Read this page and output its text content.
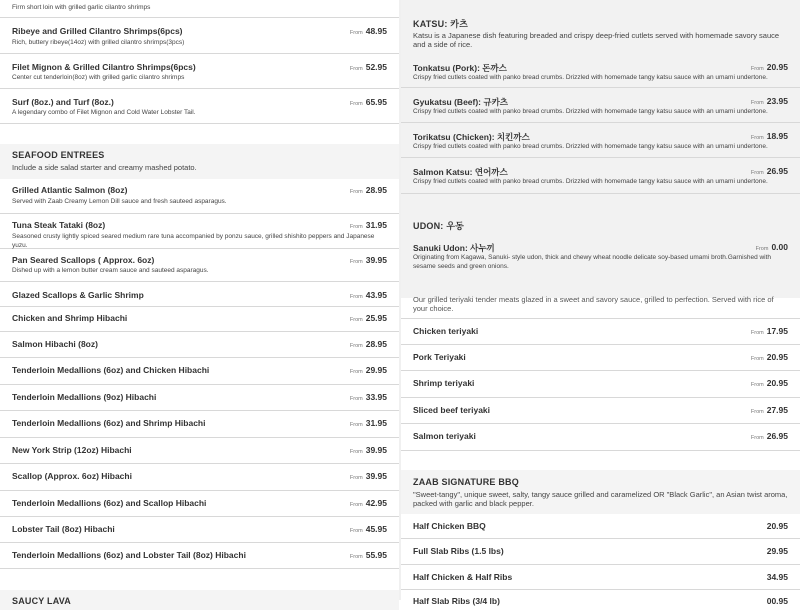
Firm short loin with grilled garlic cilantro shrimps
Ribeye and Grilled Cilantro Shrimps(6pcs)	From 48.95
Rich, buttery ribeye(14oz) with grilled cilantro shrimps(3pcs)
Filet Mignon & Grilled Cilantro Shrimps(6pcs)	From 52.95
Center cut tenderloin(8oz) with grilled garlic cilantro shrimps
Surf (8oz.) and Turf (8oz.)	From 65.95
A legendary combo of Filet Mignon and Cold Water Lobster Tail.
SEAFOOD ENTREES
Include a side salad starter and creamy mashed potato.
Grilled Atlantic Salmon (8oz)	From 28.95
Served with Zaab Creamy Lemon Dill sauce and fresh sauteed asparagus.
Tuna Steak Tataki (8oz)	From 31.95
Seasoned crusty lightly spiced seared medium rare tuna accompanied by ponzu sauce, grilled shishito peppers and Japanese yuzu.
Pan Seared Scallops ( Approx. 6oz)	From 39.95
Dished up with a lemon butter cream sauce and sauteed asparagus.
Glazed Scallops & Garlic Shrimp	From 43.95
Chicken and Shrimp Hibachi	From 25.95
Salmon Hibachi (8oz)	From 28.95
Tenderloin Medallions (6oz) and Chicken Hibachi	From 29.95
Tenderloin Medallions (9oz) Hibachi	From 33.95
Tenderloin Medallions (6oz) and Shrimp Hibachi	From 31.95
New York Strip (12oz) Hibachi	From 39.95
Scallop (Approx. 6oz) Hibachi	From 39.95
Tenderloin Medallions (6oz) and Scallop Hibachi	From 42.95
Lobster Tail (8oz) Hibachi	From 45.95
Tenderloin Medallions (6oz) and Lobster Tail (8oz) Hibachi	From 55.95
SAUCY LAVA
KATSU: 카츠
Katsu is a Japanese dish featuring breaded and crispy deep-fried cutlets served with homemade savory sauce and a side of rice.
Tonkatsu (Pork): 돈까스	From 20.95
Crispy fried cutlets coated with panko bread crumbs. Drizzled with homemade tangy katsu sauce with an umami undertone.
Gyukatsu (Beef): 규카츠	From 23.95
Crispy fried cutlets coated with panko bread crumbs. Drizzled with homemade tangy katsu sauce with an umami undertone.
Torikatsu (Chicken): 치킨까스	From 18.95
Crispy fried cutlets coated with panko bread crumbs. Drizzled with homemade tangy katsu sauce with an umami undertone.
Salmon Katsu: 연어까스	From 26.95
Crispy fried cutlets coated with panko bread crumbs. Drizzled with homemade tangy katsu sauce with an umami undertone.
UDON: 우동
Sanuki Udon: 사누끼	From 0.00
Originating from Kagawa, Sanuki- style udon, thick and chewy wheat noodle delicate soy-based umami broth.Garnished with sesame seeds and green onions.
Our grilled teriyaki tender meats glazed in a sweet and savory sauce, grilled to perfection. Served with rice of your choice.
Chicken teriyaki	From 17.95
Pork Teriyaki	From 20.95
Shrimp teriyaki	From 20.95
Sliced beef teriyaki	From 27.95
Salmon teriyaki	From 26.95
ZAAB SIGNATURE BBQ
"Sweet-tangy", unique sweet, salty, tangy sauce grilled and caramelized OR "Black Garlic", an Asian twist aroma, packed with garlic and black pepper.
Half Chicken BBQ	20.95
Full Slab Ribs (1.5 lbs)	29.95
Half Chicken & Half Ribs	34.95
Half Slab Ribs (3/4 lb)	00.95
